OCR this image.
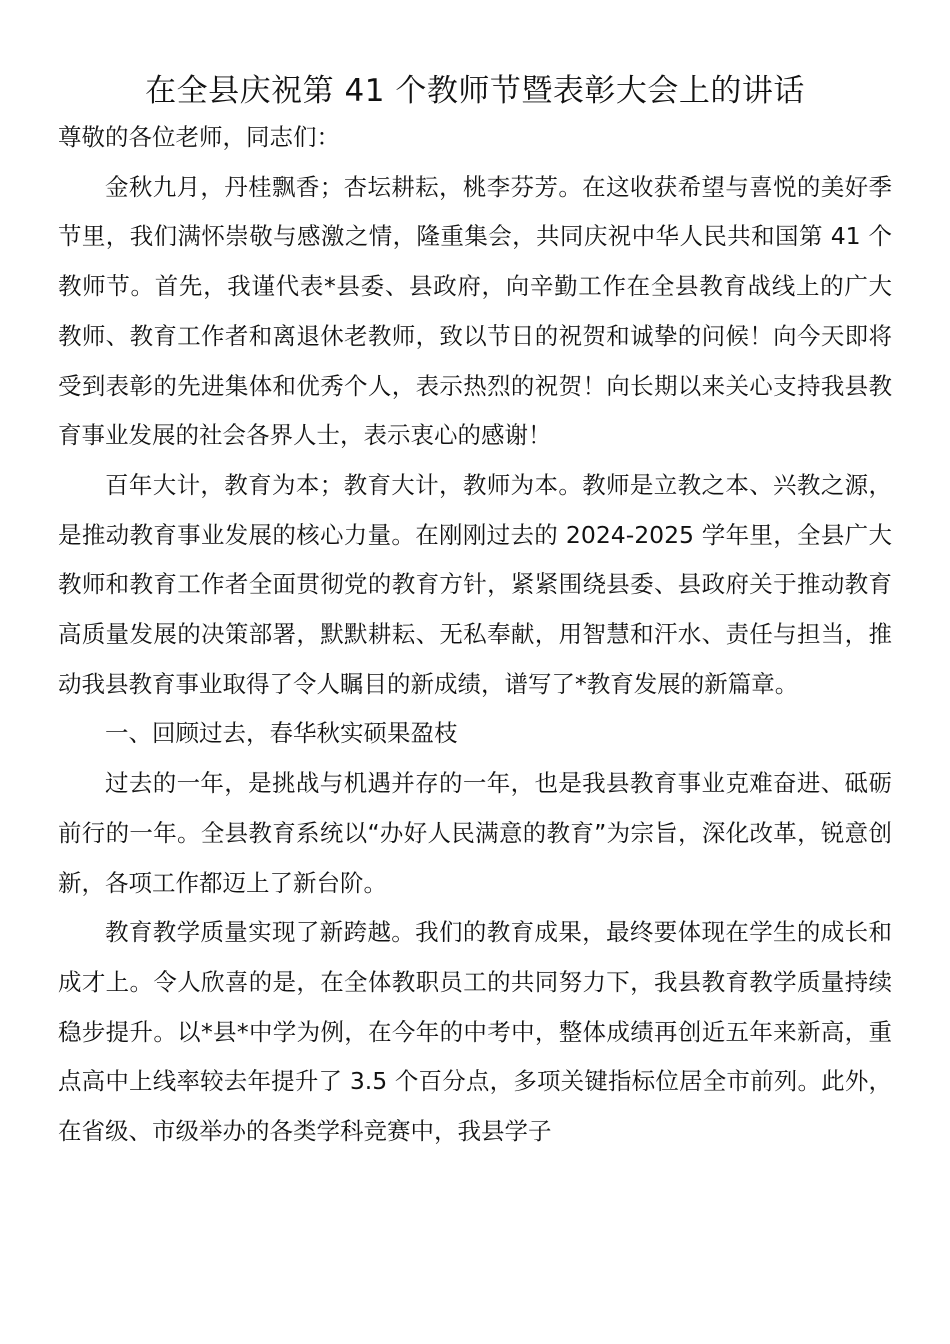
在全县庆祝第 41 个教师节暨表彰大会上的讲话

尊敬的各位老师，同志们：

金秋九月，丹桂飘香；杏坛耕耘，桃李芬芳。在这收获希望与喜悦的美好季节里，我们满怀崇敬与感激之情，隆重集会，共同庆祝中华人民共和国第 41 个教师节。首先，我谨代表*县委、县政府，向辛勤工作在全县教育战线上的广大教师、教育工作者和离退休老教师，致以节日的祝贺和诚挚的问候！向今天即将受到表彰的先进集体和优秀个人，表示热烈的祝贺！向长期以来关心支持我县教育事业发展的社会各界人士，表示衷心的感谢！

百年大计，教育为本；教育大计，教师为本。教师是立教之本、兴教之源，是推动教育事业发展的核心力量。在刚刚过去的 2024-2025 学年里，全县广大教师和教育工作者全面贯彻党的教育方针，紧紧围绕县委、县政府关于推动教育高质量发展的决策部署，默默耕耘、无私奉献，用智慧和汗水、责任与担当，推动我县教育事业取得了令人瞩目的新成绩，谱写了*教育发展的新篇章。

一、回顾过去，春华秋实硕果盈枝

过去的一年，是挑战与机遇并存的一年，也是我县教育事业克难奋进、砥砺前行的一年。全县教育系统以“办好人民满意的教育”为宗旨，深化改革，锐意创新，各项工作都迈上了新台阶。

教育教学质量实现了新跨越。我们的教育成果，最终要体现在学生的成长和成才上。令人欣喜的是，在全体教职员工的共同努力下，我县教育教学质量持续稳步提升。以*县*中学为例，在今年的中考中，整体成绩再创近五年来新高，重点高中上线率较去年提升了 3.5 个百分点，多项关键指标位居全市前列。此外，在省级、市级举办的各类学科竞赛中，我县学子
